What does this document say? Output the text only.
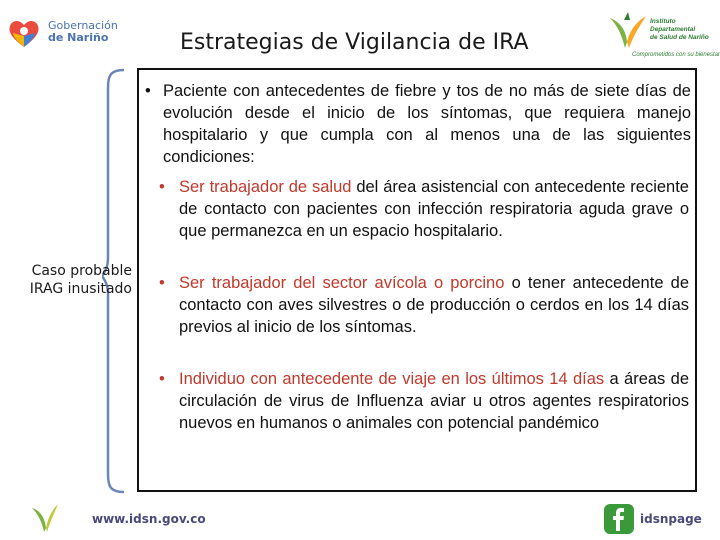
Gobernación
de Nariño	Estrategias de Vigilancia de IRA
Instituto
Departamental
de Salud de Nariño
Comprometidos con su bienestar
Caso probable
IRAG inusitado
• Paciente con antecedentes de fiebre y tos de no más de siete días de evolución desde el inicio de los síntomas, que requiera manejo hospitalario y que cumpla con al menos una de las siguientes condiciones:
• Ser trabajador de salud del área asistencial con antecedente reciente de contacto con pacientes con infección respiratoria aguda grave o que permanezca en un espacio hospitalario.
• Ser trabajador del sector avícola o porcino o tener antecedente de contacto con aves silvestres o de producción o cerdos en los 14 días previos al inicio de los síntomas.
• Individuo con antecedente de viaje en los últimos 14 días a áreas de circulación de virus de Influenza aviar u otros agentes respiratorios nuevos en humanos o animales con potencial pandémico
www.idsn.gov.co	idsnpage
